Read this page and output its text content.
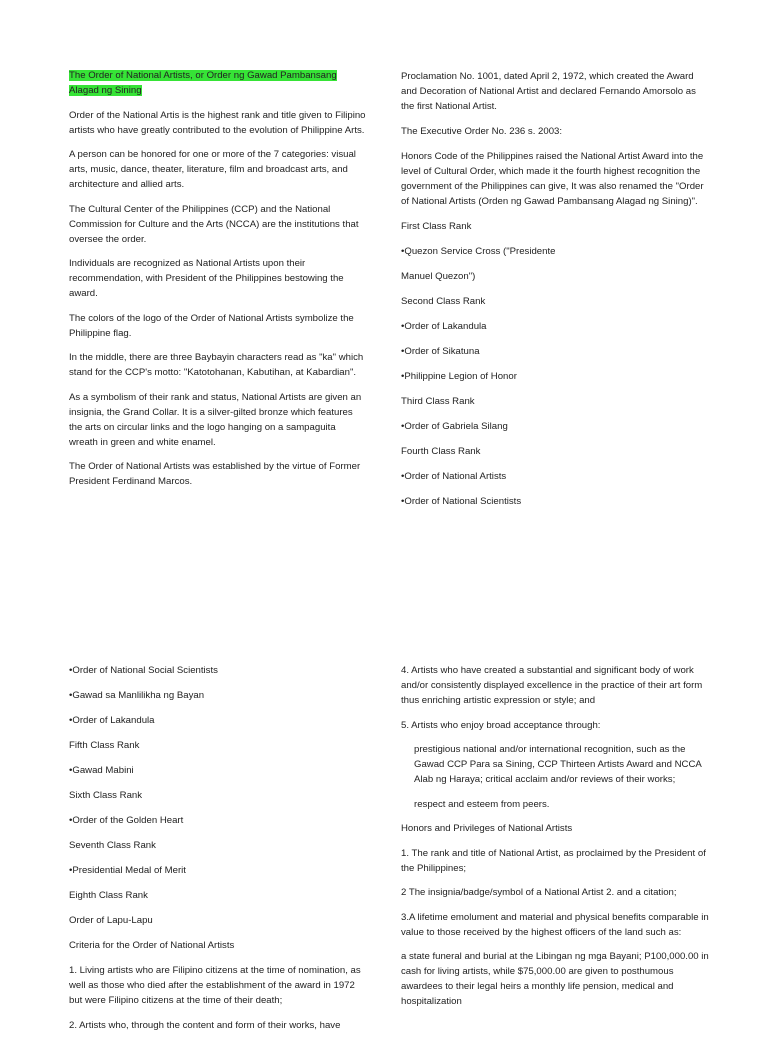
The Order of National Artists, or Order ng Gawad Pambansang Alagad ng Sining

Order of the National Artis is the highest rank and title given to Filipino artists who have greatly contributed to the evolution of Philippine Arts.

A person can be honored for one or more of the 7 categories: visual arts, music, dance, theater, literature, film and broadcast arts, and architecture and allied arts.

The Cultural Center of the Philippines (CCP) and the National Commission for Culture and the Arts (NCCA) are the institutions that oversee the order.

Individuals are recognized as National Artists upon their recommendation, with President of the Philippines bestowing the award.

The colors of the logo of the Order of National Artists symbolize the Philippine flag.

In the middle, there are three Baybayin characters read as "ka" which stand for the CCP's motto: "Katotohanan, Kabutihan, at Kabardian".

As a symbolism of their rank and status, National Artists are given an insignia, the Grand Collar. It is a silver-gilted bronze which features the arts on circular links and the logo hanging on a sampaguita wreath in green and white enamel.

The Order of National Artists was established by the virtue of Former President Ferdinand Marcos.

Proclamation No. 1001, dated April 2, 1972, which created the Award and Decoration of National Artist and declared Fernando Amorsolo as the first National Artist.

The Executive Order No. 236 s. 2003:

Honors Code of the Philippines raised the National Artist Award into the level of Cultural Order, which made it the fourth highest recognition the government of the Philippines can give, It was also renamed the "Order of National Artists (Orden ng Gawad Pambansang Alagad ng Sining)".

First Class Rank

•Quezon Service Cross ("Presidente

Manuel Quezon")

Second Class Rank

•Order of Lakandula

•Order of Sikatuna

•Philippine Legion of Honor

Third Class Rank

•Order of Gabriela Silang

Fourth Class Rank

•Order of National Artists

•Order of National Scientists

•Order of National Social Scientists

•Gawad sa Manlilikha ng Bayan

•Order of Lakandula

Fifth Class Rank

•Gawad Mabini

Sixth Class Rank

•Order of the Golden Heart

Seventh Class Rank

•Presidential Medal of Merit

Eighth Class Rank

Order of Lapu-Lapu

Criteria for the Order of National Artists

1. Living artists who are Filipino citizens at the time of nomination, as well as those who died after the establishment of the award in 1972 but were Filipino citizens at the time of their death;

2. Artists who, through the content and form of their works, have

4. Artists who have created a substantial and significant body of work and/or consistently displayed excellence in the practice of their art form thus enriching artistic expression or style; and

5. Artists who enjoy broad acceptance through:

prestigious national and/or international recognition, such as the Gawad CCP Para sa Sining, CCP Thirteen Artists Award and NCCA Alab ng Haraya; critical acclaim and/or reviews of their works;

respect and esteem from peers.

Honors and Privileges of National Artists

1. The rank and title of National Artist, as proclaimed by the President of the Philippines;

2 The insignia/badge/symbol of a National Artist 2. and a citation;

3.A lifetime emolument and material and physical benefits comparable in value to those received by the highest officers of the land such as:

a state funeral and burial at the Libingan ng mga Bayani; P100,000.00 in cash for living artists, while $75,000.00 are given to posthumous awardees to their legal heirs a monthly life pension, medical and hospitalization
